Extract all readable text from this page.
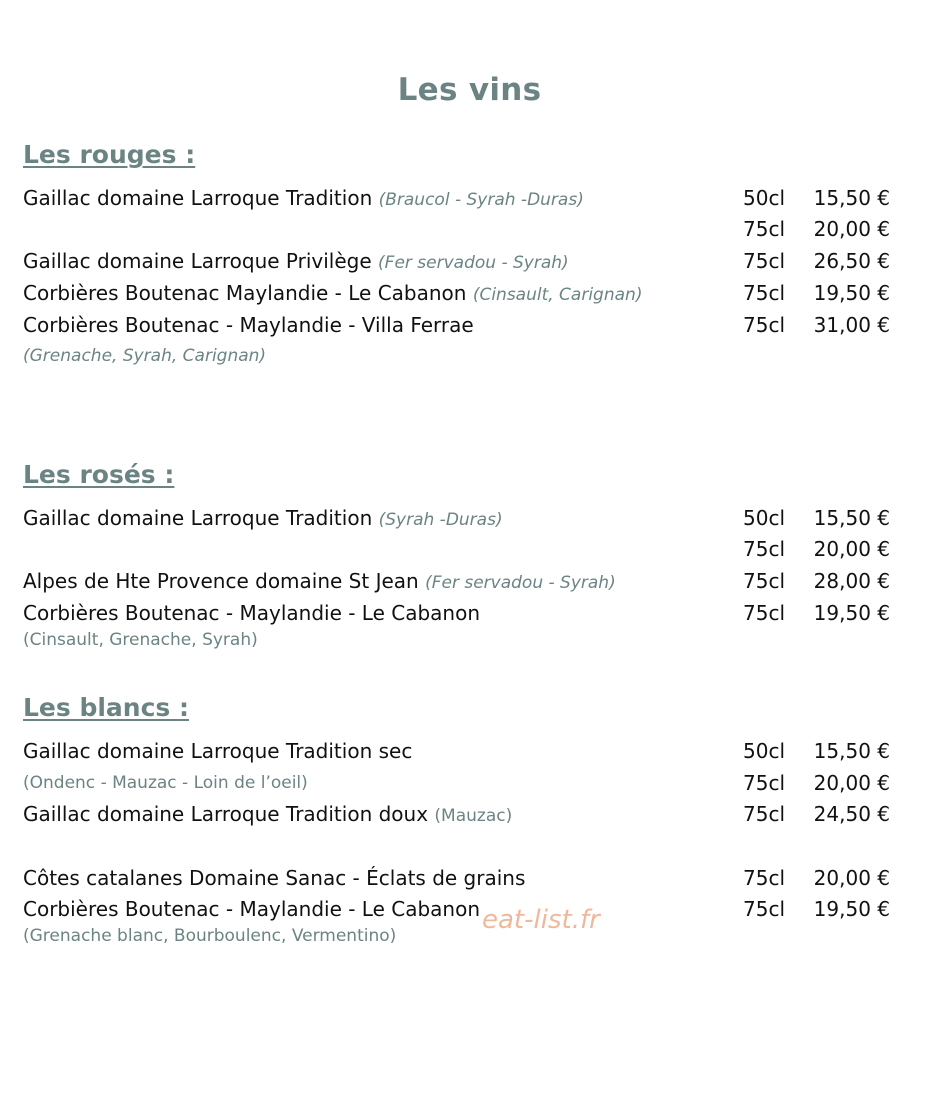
Les vins
Les rouges :
Gaillac domaine Larroque Tradition (Braucol - Syrah -Duras)	50cl	15,50 €
75cl	20,00 €
Gaillac domaine Larroque Privilège (Fer servadou - Syrah)	75cl	26,50 €
Corbières Boutenac Maylandie - Le Cabanon (Cinsault, Carignan)	75cl	19,50 €
Corbières Boutenac - Maylandie - Villa Ferrae	75cl	31,00 €
(Grenache, Syrah, Carignan)
Les rosés :
Gaillac domaine Larroque Tradition (Syrah -Duras)	50cl	15,50 €
75cl	20,00 €
Alpes de Hte Provence domaine St Jean (Fer servadou - Syrah)	75cl	28,00 €
Corbières Boutenac - Maylandie - Le Cabanon	75cl	19,50 €
(Cinsault, Grenache, Syrah)
Les blancs :
Gaillac domaine Larroque Tradition sec	50cl	15,50 €
(Ondenc - Mauzac - Loin de l’oeil)	75cl	20,00 €
Gaillac domaine Larroque Tradition doux (Mauzac)	75cl	24,50 €
Côtes catalanes Domaine Sanac - Éclats de grains	75cl	20,00 €
Corbières Boutenac - Maylandie - Le Cabanon	75cl	19,50 €
(Grenache blanc, Bourboulenc, Vermentino)
eat-list.fr
